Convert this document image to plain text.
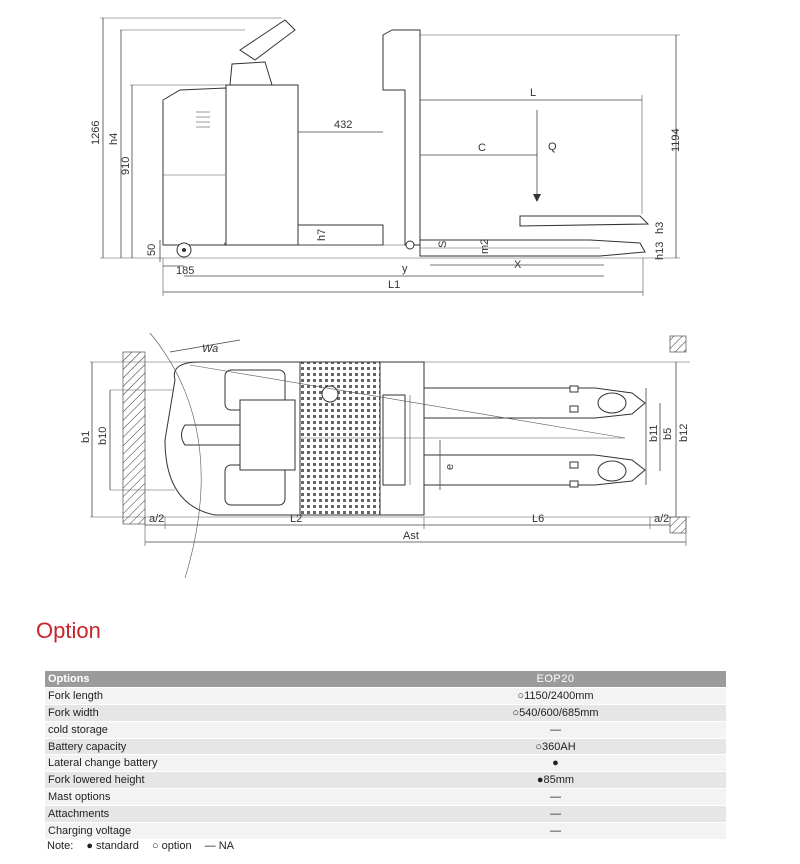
432
L
C	Q
L1
y	X
185
1266 h4
910
50
h7
S	m2
h3
h13
1194
b1 b10
Wa
b11 b5 b12
e
a/2	L2	L6	a/2
Ast
Option
Options	EOP20
Fork length	○1150/2400mm
Fork width	○540/600/685mm
cold storage	—
Battery capacity	○360AH
Lateral change battery	●
Fork lowered height	●85mm
Mast options	—
Attachments	—
Charging voltage	—
Note: ● standard ○ option — NA
